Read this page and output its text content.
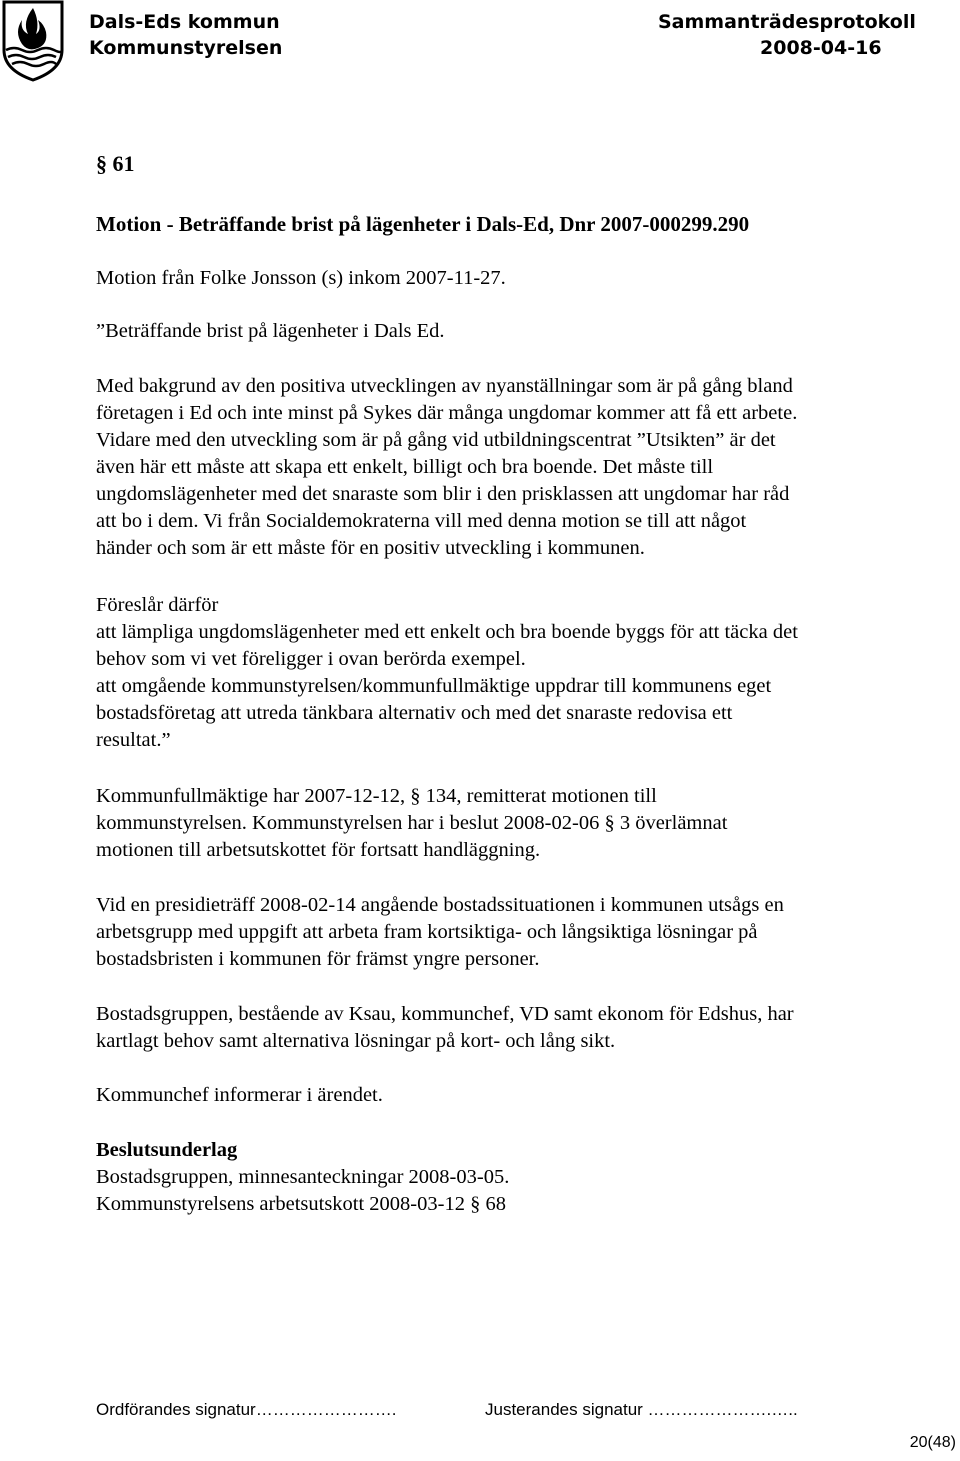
Dals-Eds kommun
Kommunstyrelsen
Sammanträdesprotokoll
2008-04-16
§ 61
Motion - Beträffande brist på lägenheter i Dals-Ed, Dnr 2007-000299.290

Motion från Folke Jonsson (s) inkom 2007-11-27.

”Beträffande brist på lägenheter i Dals Ed.

Med bakgrund av den positiva utvecklingen av nyanställningar som är på gång bland

företagen i Ed och inte minst på Sykes där många ungdomar kommer att få ett arbete.

Vidare med den utveckling som är på gång vid utbildningscentrat ”Utsikten” är det

även här ett måste att skapa ett enkelt, billigt och bra boende. Det måste till

ungdomslägenheter med det snaraste som blir i den prisklassen att ungdomar har råd

att bo i dem. Vi från Socialdemokraterna vill med denna motion se till att något

händer och som är ett måste för en positiv utveckling i kommunen.

Föreslår därför

att lämpliga ungdomslägenheter med ett enkelt och bra boende byggs för att täcka det

behov som vi vet föreligger i ovan berörda exempel.

att omgående kommunstyrelsen/kommunfullmäktige uppdrar till kommunens eget

bostadsföretag att utreda tänkbara alternativ och med det snaraste redovisa ett

resultat.”

Kommunfullmäktige har 2007-12-12, § 134, remitterat motionen till

kommunstyrelsen. Kommunstyrelsen har i beslut 2008-02-06 § 3 överlämnat

motionen till arbetsutskottet för fortsatt handläggning.

Vid en presidieträff 2008-02-14 angående bostadssituationen i kommunen utsågs en

arbetsgrupp med uppgift att arbeta fram kortsiktiga- och långsiktiga lösningar på

bostadsbristen i kommunen för främst yngre personer.

Bostadsgruppen, bestående av Ksau, kommunchef, VD samt ekonom för Edshus, har

kartlagt behov samt alternativa lösningar på kort- och lång sikt.

Kommunchef informerar i ärendet.

Beslutsunderlag

Bostadsgruppen, minnesanteckningar 2008-03-05.

Kommunstyrelsens arbetsutskott 2008-03-12 § 68

Ordförandes signatur…………………….	Justerandes signatur ………………….…..
20(48)
